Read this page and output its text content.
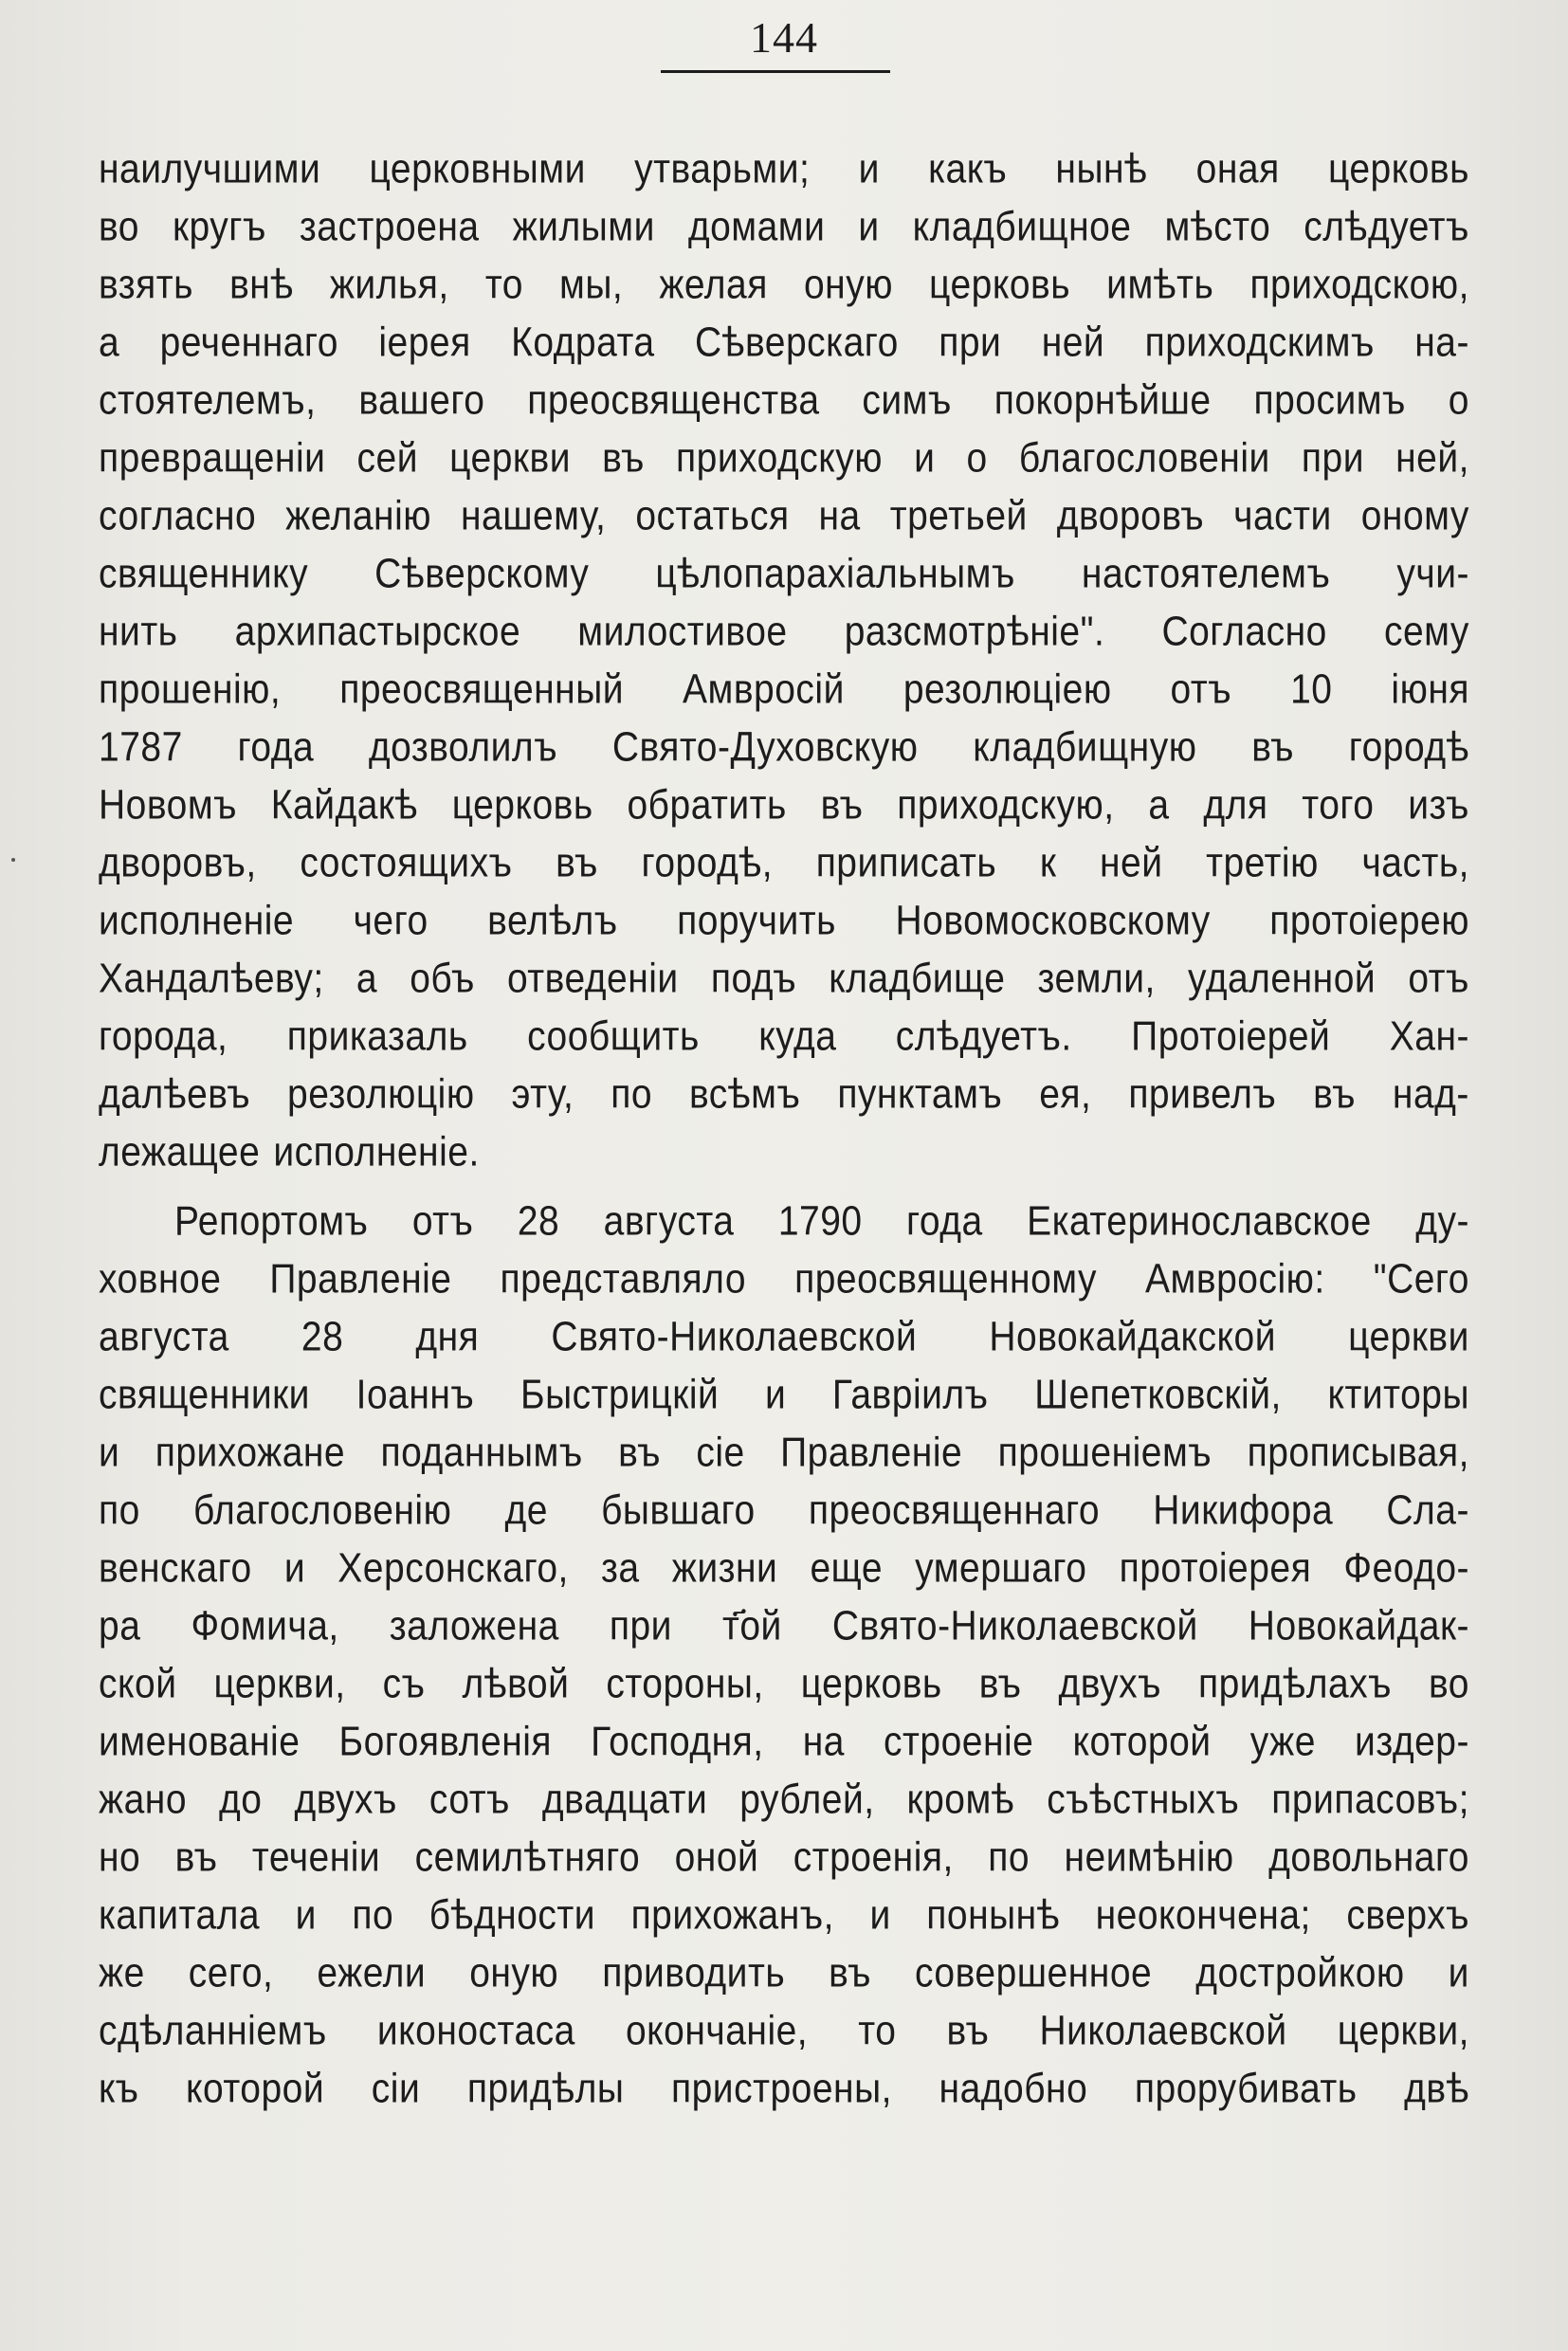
144
наилучшими церковными утварьми; и какъ нынѣ оная церковь
во кругъ застроена жилыми домами и кладбищное мѣсто слѣдуетъ
взять внѣ жилья, то мы, желая оную церковь имѣть приходскою,
а реченнаго іерея Кодрата Сѣверскаго при ней приходскимъ на-
стоятелемъ, вашего преосвященства симъ покорнѣйше просимъ о
превращеніи сей церкви въ приходскую и о благословеніи при ней,
согласно желанію нашему, остаться на третьей дворовъ части оному
священнику Сѣверскому цѣлопарахіальнымъ настоятелемъ учи-
нить архипастырское милостивое разсмотрѣніе". Согласно сему
прошенію, преосвященный Амвросій резолюціею отъ 10 іюня
1787 года дозволилъ Свято-Духовскую кладбищную въ городѣ
Новомъ Кайдакѣ церковь обратить въ приходскую, а для того изъ
дворовъ, состоящихъ въ городѣ, приписать к ней третію часть,
исполненіе чего велѣлъ поручить Новомосковскому протоіерею
Хандалѣеву; а объ отведеніи подъ кладбище земли, удаленной отъ
города, приказаль сообщить куда слѣдуетъ. Протоіерей Хан-
далѣевъ резолюцію эту, по всѣмъ пунктамъ ея, привелъ въ над-
лежащее исполненіе.
Репортомъ отъ 28 августа 1790 года Екатеринославское ду-
ховное Правленіе представляло преосвященному Амвросію: "Сего
августа 28 дня Свято-Николаевской Новокайдакской церкви
священники Іоаннъ Быстрицкій и Гавріилъ Шепетковскій, ктиторы
и прихожане поданнымъ въ сіе Правленіе прошеніемъ прописывая,
по благословенію де бывшаго преосвященнаго Никифора Сла-
венскаго и Херсонскаго, за жизни еще умершаго протоіерея Феодо-
ра Фомича, заложена при т҃ой Свято-Николаевской Новокайдак-
ской церкви, съ лѣвой стороны, церковь въ двухъ придѣлахъ во
именованіе Богоявленія Господня, на строеніе которой уже издер-
жано до двухъ сотъ двадцати рублей, кромѣ съѣстныхъ припасовъ;
но въ теченіи семилѣтняго оной строенія, по неимѣнію довольнаго
капитала и по бѣдности прихожанъ, и понынѣ неокончена; сверхъ
же сего, ежели оную приводить въ совершенное достройкою и
сдѣланніемъ иконостаса окончаніе, то въ Николаевской церкви,
къ которой сіи придѣлы пристроены, надобно прорубивать двѣ
